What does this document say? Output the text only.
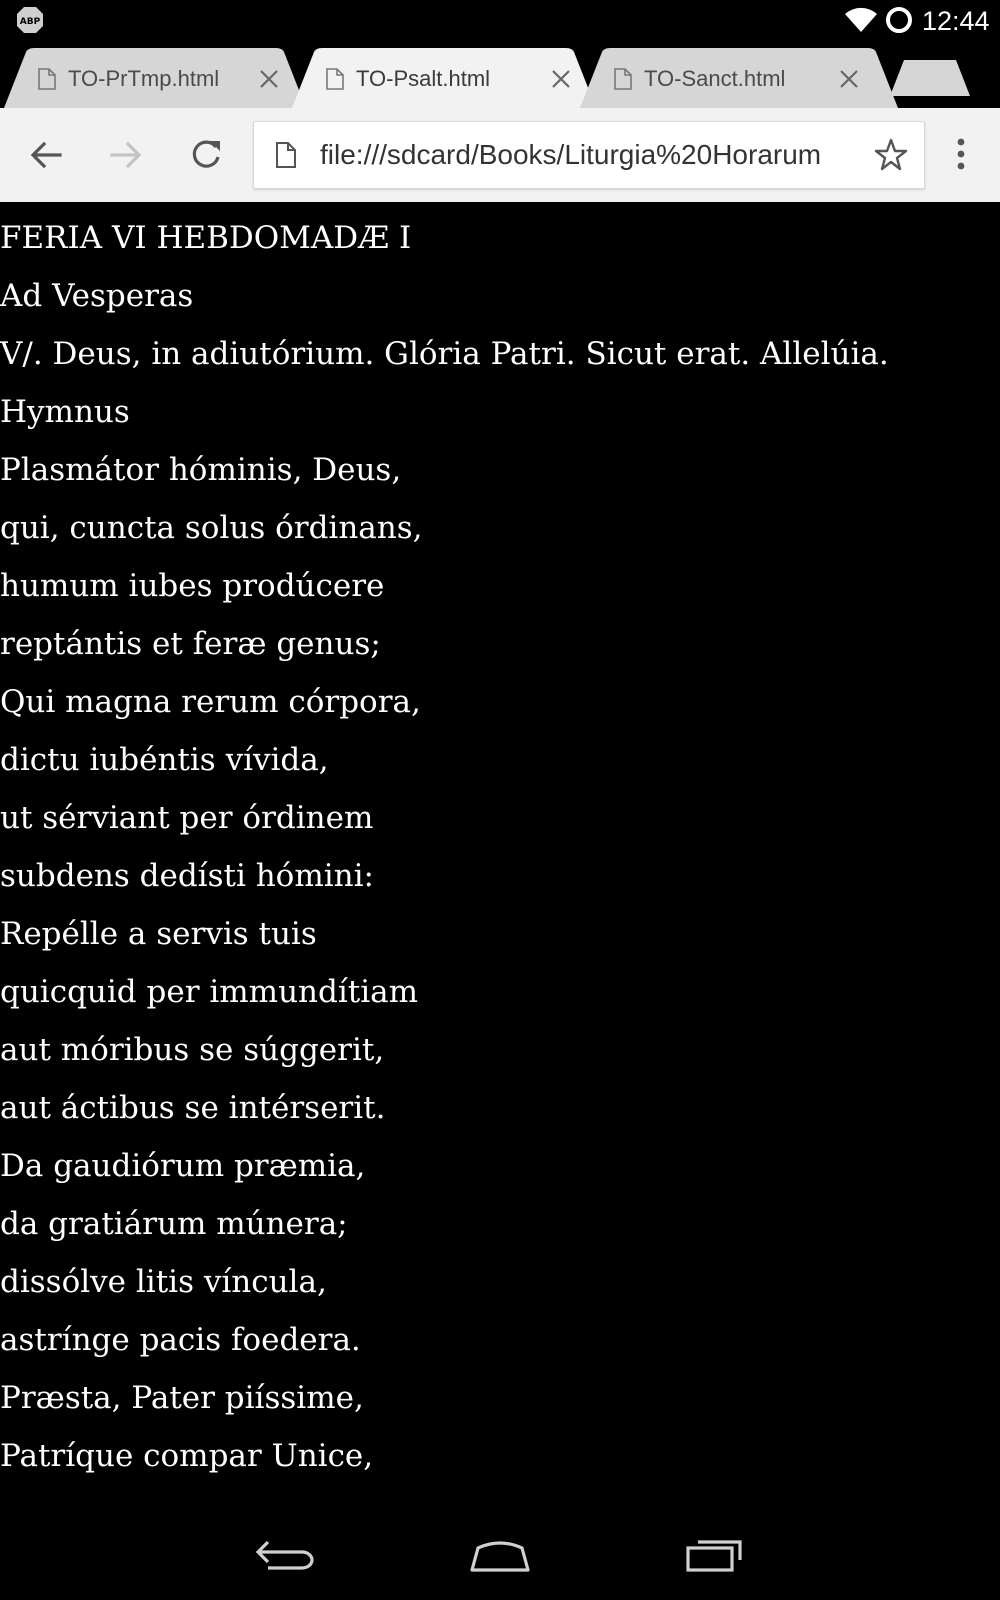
ABP	12:44
TO-PrTmp.html	TO-Psalt.html	TO-Sanct.html
file:///sdcard/Books/Liturgia%20Horarum
FERIA VI HEBDOMADÆ I
Ad Vesperas
V/. Deus, in adiutórium. Glória Patri. Sicut erat. Allelúia.
Hymnus
Plasmátor hóminis, Deus,
qui, cuncta solus órdinans,
humum iubes prodúcere
reptántis et feræ genus;
Qui magna rerum córpora,
dictu iubéntis vívida,
ut sérviant per órdinem
subdens dedísti hómini:
Repélle a servis tuis
quicquid per immundítiam
aut móribus se súggerit,
aut áctibus se intérserit.
Da gaudiórum præmia,
da gratiárum múnera;
dissólve litis víncula,
astrínge pacis foedera.
Præsta, Pater piíssime,
Patríque compar Unice,
